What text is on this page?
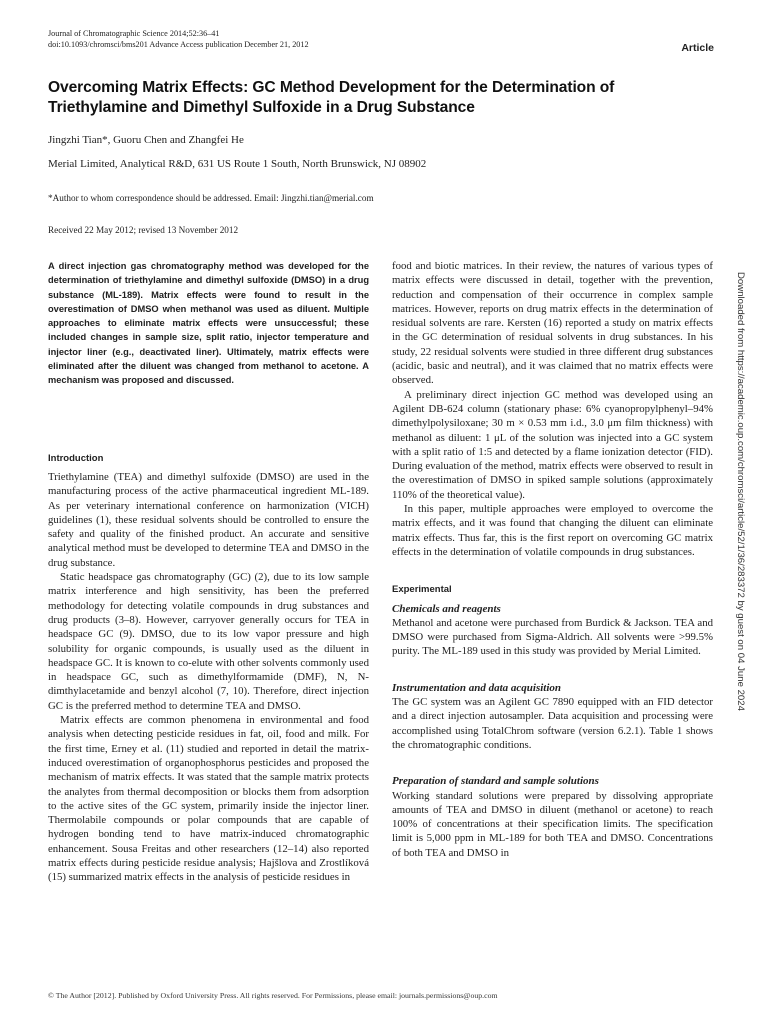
Journal of Chromatographic Science 2014;52:36–41
doi:10.1093/chromsci/bms201 Advance Access publication December 21, 2012	Article
Overcoming Matrix Effects: GC Method Development for the Determination of Triethylamine and Dimethyl Sulfoxide in a Drug Substance
Jingzhi Tian*, Guoru Chen and Zhangfei He
Merial Limited, Analytical R&D, 631 US Route 1 South, North Brunswick, NJ 08902
*Author to whom correspondence should be addressed. Email: Jingzhi.tian@merial.com
Received 22 May 2012; revised 13 November 2012

A direct injection gas chromatography method was developed for the determination of triethylamine and dimethyl sulfoxide (DMSO) in a drug substance (ML-189). Matrix effects were found to result in the overestimation of DMSO when methanol was used as diluent. Multiple approaches to eliminate matrix effects were unsuccessful; these included changes in sample size, split ratio, injector temperature and injector liner (e.g., deactivated liner). Ultimately, matrix effects were eliminated after the diluent was changed from methanol to acetone. A mechanism was proposed and discussed.

Introduction

Triethylamine (TEA) and dimethyl sulfoxide (DMSO) are used in the manufacturing process of the active pharmaceutical ingredient ML-189. As per veterinary international conference on harmonization (VICH) guidelines (1), these residual solvents should be controlled to ensure the safety and quality of the finished product. An accurate and sensitive analytical method must be developed to determine TEA and DMSO in the drug substance.

Static headspace gas chromatography (GC) (2), due to its low sample matrix interference and high sensitivity, has been the preferred methodology for detecting volatile compounds in drug substances and drug products (3–8). However, carryover generally occurs for TEA in headspace GC (9). DMSO, due to its low vapor pressure and high solubility for organic compounds, is usually used as the diluent in headspace GC. It is known to co-elute with other solvents commonly used in headspace GC, such as dimethylformamide (DMF), N, N-dimthylacetamide and benzyl alcohol (7, 10). Therefore, direct injection GC is the preferred method to determine TEA and DMSO.

Matrix effects are common phenomena in environmental and food analysis when detecting pesticide residues in fat, oil, food and milk. For the first time, Erney et al. (11) studied and reported in detail the matrix-induced overestimation of organophosphorus pesticides and proposed the mechanism of matrix effects. It was stated that the sample matrix protects the analytes from thermal decomposition or blocks them from adsorption to the active sites of the GC system, primarily inside the injector liner. Thermolabile compounds or polar compounds that are capable of hydrogen bonding tend to have matrix-induced chromatographic enhancement. Sousa Freitas and other researchers (12–14) also reported matrix effects during pesticide residue analysis; Hajšlova and Zrostlíková (15) summarized matrix effects in the analysis of pesticide residues in

food and biotic matrices. In their review, the natures of various types of matrix effects were discussed in detail, together with the prevention, reduction and compensation of their occurrence in complex sample matrices. However, reports on drug matrix effects in the determination of residual solvents are rare. Kersten (16) reported a study on matrix effects in the GC determination of residual solvents in drug substances. In his study, 22 residual solvents were studied in three different drug substances (acidic, basic and neutral), and it was claimed that no matrix effects were observed.

A preliminary direct injection GC method was developed using an Agilent DB-624 column (stationary phase: 6% cyanopropylphenyl–94% dimethylpolysiloxane; 30 m × 0.53 mm i.d., 3.0 μm film thickness) with methanol as diluent: 1 μL of the solution was injected into a GC system with a split ratio of 1:5 and detected by a flame ionization detector (FID). During evaluation of the method, matrix effects were observed to result in the overestimation of DMSO in spiked sample solutions (approximately 110% of the theoretical value).

In this paper, multiple approaches were employed to overcome the matrix effects, and it was found that changing the diluent can eliminate matrix effects. Thus far, this is the first report on overcoming GC matrix effects in the determination of volatile compounds in drug substances.

Experimental

Chemicals and reagents

Methanol and acetone were purchased from Burdick & Jackson. TEA and DMSO were purchased from Sigma-Aldrich. All solvents were >99.5% purity. The ML-189 used in this study was provided by Merial Limited.

Instrumentation and data acquisition

The GC system was an Agilent GC 7890 equipped with an FID detector and a direct injection autosampler. Data acquisition and processing were accomplished using TotalChrom software (version 6.2.1). Table 1 shows the chromatographic conditions.

Preparation of standard and sample solutions

Working standard solutions were prepared by dissolving appropriate amounts of TEA and DMSO in diluent (methanol or acetone) to reach 100% of concentrations at their specification limits. The specification limit is 5,000 ppm in ML-189 for both TEA and DMSO. Concentrations of both TEA and DMSO in

Downloaded from https://academic.oup.com/chromsci/article/52/1/36/283372 by guest on 04 June 2024
© The Author [2012]. Published by Oxford University Press. All rights reserved. For Permissions, please email: journals.permissions@oup.com
